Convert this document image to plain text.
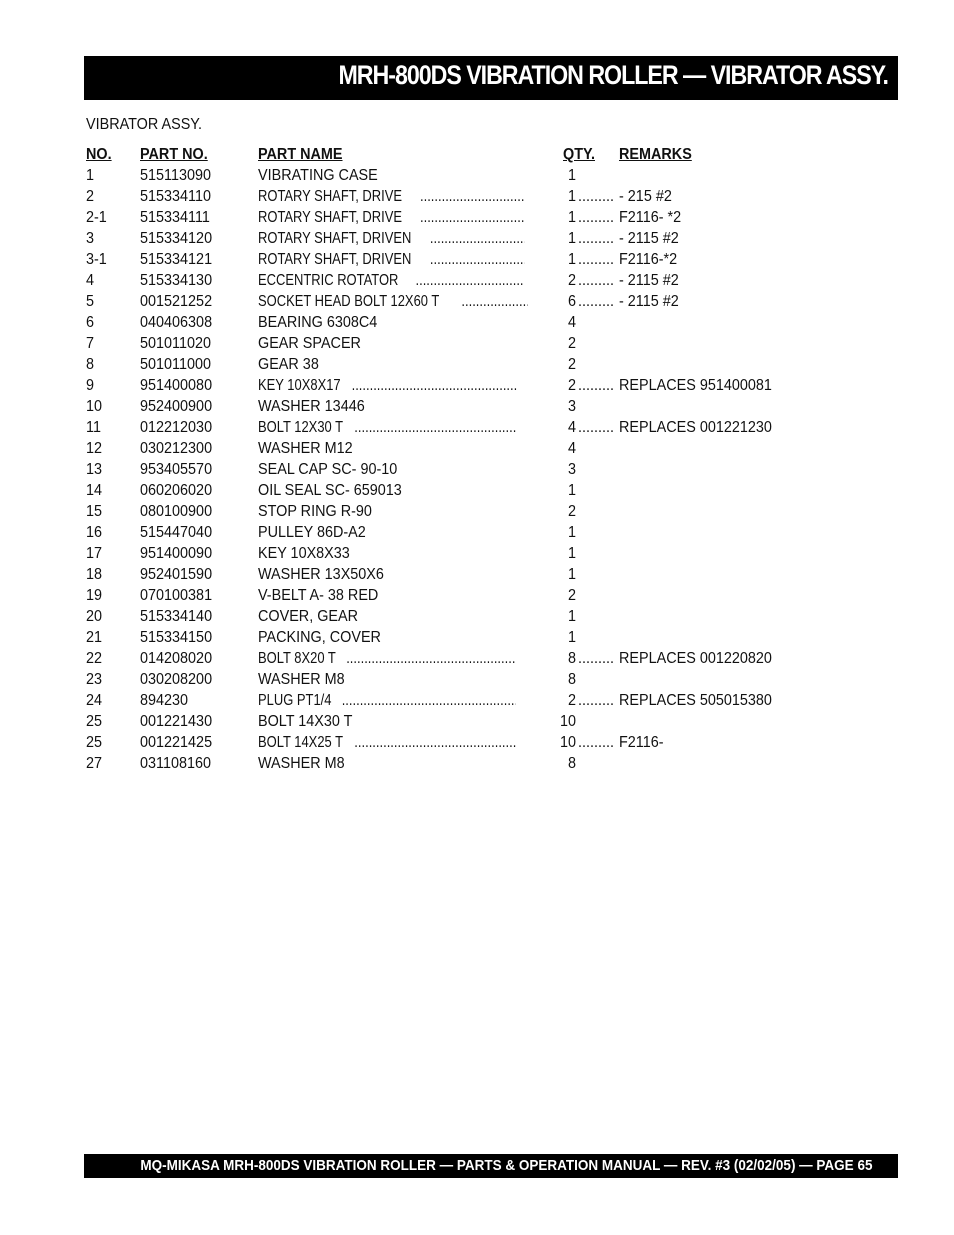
MRH-800DS VIBRATION ROLLER — VIBRATOR ASSY.
VIBRATOR ASSY.
NO. PART NO.	PART NAME	QTY. REMARKS
1	515113090	VIBRATING CASE	1
2	515334110	ROTARY SHAFT, DRIVE .....	1 .....	- 215 #2
2-1 515334111	ROTARY SHAFT, DRIVE .....	1 .....	F2116- *2
3	515334120	ROTARY SHAFT, DRIVEN .....	1 .....	- 2115 #2
3-1 515334121	ROTARY SHAFT, DRIVEN .....	1 .....	F2116-*2
4	515334130	ECCENTRIC ROTATOR .....	2 .....	- 2115 #2
5	001521252	SOCKET HEAD BOLT 12X60 T .....	6 .....	- 2115 #2
6	040406308	BEARING 6308C4	4
7	501011020	GEAR SPACER	2
8	501011000	GEAR 38	2
9	951400080	KEY 10X8X17 .....	2 .....	REPLACES 951400081
10 952400900	WASHER 13446	3
11 012212030	BOLT 12X30 T .....	4 .....	REPLACES 001221230
12 030212300	WASHER M12	4
13 953405570	SEAL CAP SC- 90-10	3
14 060206020	OIL SEAL SC- 659013	1
15 080100900	STOP RING R-90	2
16 515447040	PULLEY 86D-A2	1
17 951400090	KEY 10X8X33	1
18 952401590	WASHER 13X50X6	1
19 070100381	V-BELT A- 38 RED	2
20 515334140	COVER, GEAR	1
21 515334150	PACKING, COVER	1
22 014208020	BOLT 8X20 T .....	8 .....	REPLACES 001220820
23 030208200	WASHER M8	8
24 894230	PLUG PT1/4 .....	2 .....	REPLACES 505015380
25 001221430	BOLT 14X30 T	10
25 001221425	BOLT 14X25 T .....	10 .....	F2116-
27 031108160	WASHER M8	8
MQ-MIKASA MRH-800DS VIBRATION ROLLER — PARTS & OPERATION MANUAL — REV. #3 (02/02/05) — PAGE 65
